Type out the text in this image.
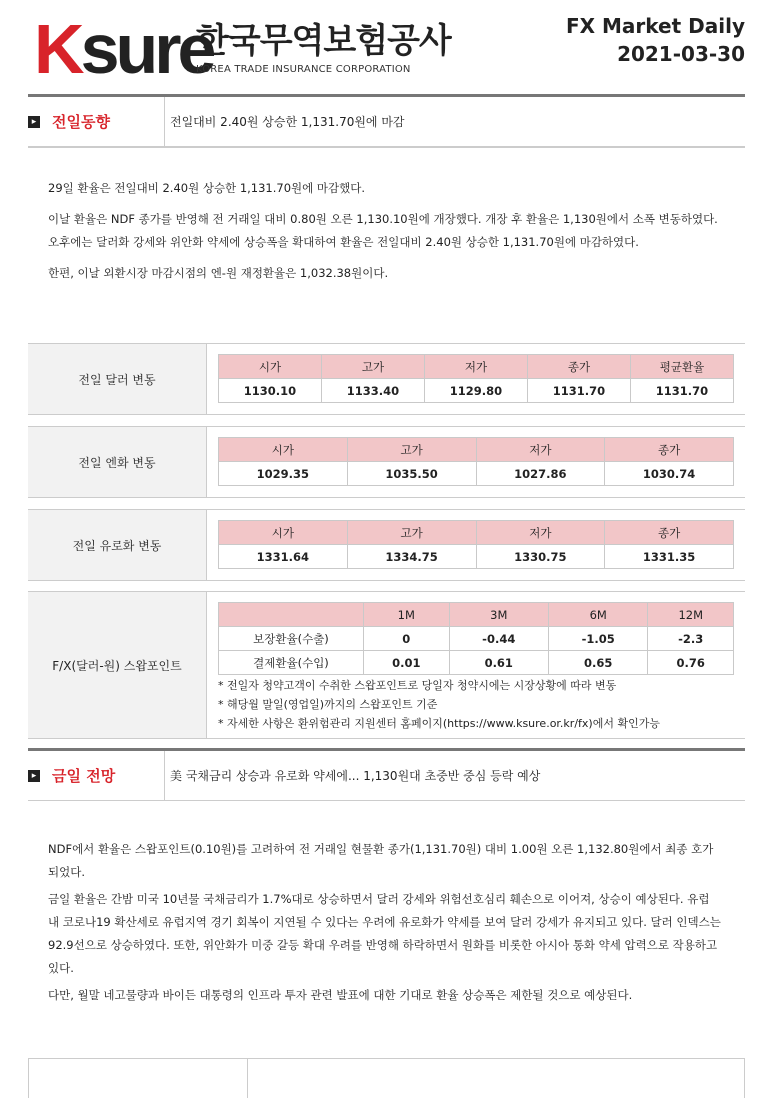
Ksure
한국무역보험공사
KOREA TRADE INSURANCE CORPORATION
FX Market Daily
2021-03-30
▸ 전일동향	전일대비 2.40원 상승한 1,131.70원에 마감
29일 환율은 전일대비 2.40원 상승한 1,131.70원에 마감했다.
이날 환율은 NDF 종가를 반영해 전 거래일 대비 0.80원 오른 1,130.10원에 개장했다. 개장 후 환율은 1,130원에서 소폭 변동하였다. 오후에는 달러화 강세와 위안화 약세에 상승폭을 확대하여 환율은 전일대비 2.40원 상승한 1,131.70원에 마감하였다.
한편, 이날 외환시장 마감시점의 엔-원 재정환율은 1,032.38원이다.
전일 달러 변동
시가	고가	저가	종가	평균환율
1130.10	1133.40	1129.80	1131.70	1131.70
전일 엔화 변동
시가	고가	저가	종가
1029.35	1035.50	1027.86	1030.74
전일 유로화 변동
시가	고가	저가	종가
1331.64	1334.75	1330.75	1331.35
F/X(달러-원) 스왑포인트
	1M	3M	6M	12M
보장환율(수출)	0	-0.44	-1.05	-2.3
결제환율(수입)	0.01	0.61	0.65	0.76
* 전일자 청약고객이 수취한 스왑포인트로 당일자 청약시에는 시장상황에 따라 변동
* 해당월 말일(영업일)까지의 스왑포인트 기준
* 자세한 사항은 환위험관리 지원센터 홈페이지(https://www.ksure.or.kr/fx)에서 확인가능
▸ 금일 전망	美 국채금리 상승과 유로화 약세에... 1,130원대 초중반 중심 등락 예상
NDF에서 환율은 스왑포인트(0.10원)를 고려하여 전 거래일 현물환 종가(1,131.70원) 대비 1.00원 오른 1,132.80원에서 최종 호가 되었다.
금일 환율은 간밤 미국 10년물 국채금리가 1.7%대로 상승하면서 달러 강세와 위험선호심리 훼손으로 이어져, 상승이 예상된다. 유럽 내 코로나19 확산세로 유럽지역 경기 회복이 지연될 수 있다는 우려에 유로화가 약세를 보여 달러 강세가 유지되고 있다. 달러 인덱스는 92.9선으로 상승하였다. 또한, 위안화가 미중 갈등 확대 우려를 반영해 하락하면서 원화를 비롯한 아시아 통화 약세 압력으로 작용하고 있다.
다만, 월말 네고물량과 바이든 대통령의 인프라 투자 관련 발표에 대한 기대로 환율 상승폭은 제한될 것으로 예상된다.
